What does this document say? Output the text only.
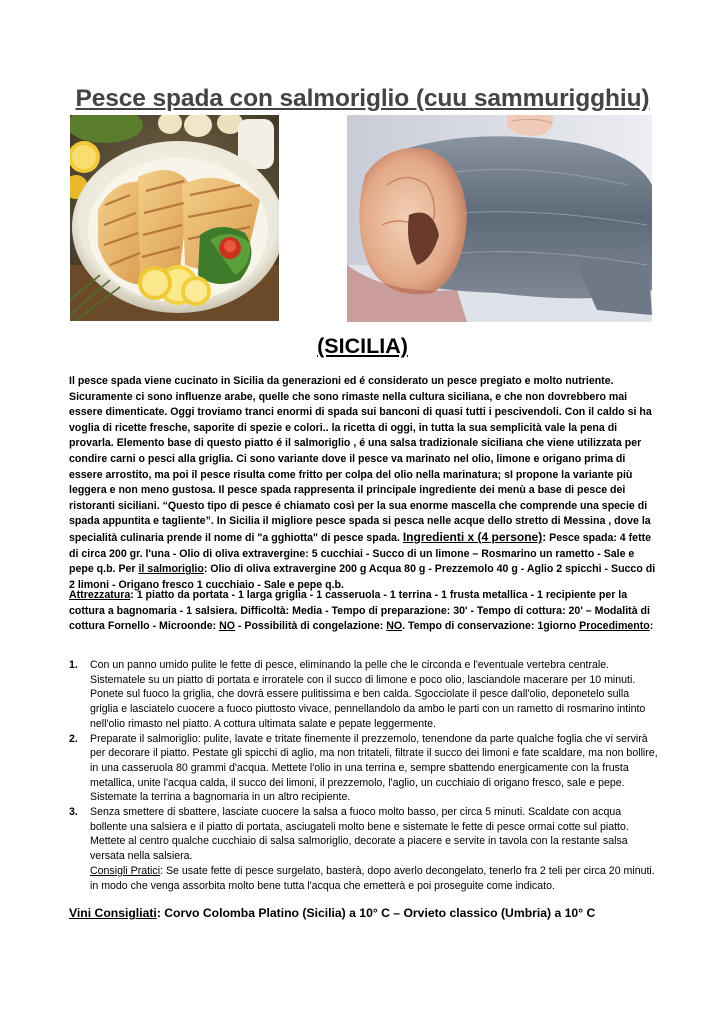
Pesce spada con salmoriglio (cuu sammurigghiu)
(SICILIA)
Il pesce spada viene cucinato in Sicilia da generazioni ed é considerato un pesce pregiato e molto nutriente. Sicuramente ci sono influenze arabe, quelle che sono rimaste nella cultura siciliana, e che non dovrebbero mai essere dimenticate. Oggi troviamo tranci enormi di spada sui banconi di quasi tutti i pescivendoli. Con il caldo si ha voglia di ricette fresche, saporite di spezie e colori.. la ricetta di oggi, in tutta la sua semplicità vale la pena di provarla. Elemento base di questo piatto é il salmoriglio , é una salsa tradizionale siciliana che viene utilizzata per condire carni o pesci alla griglia. Ci sono variante dove il pesce va marinato nel olio, limone e origano prima di essere arrostito, ma poi il pesce risulta come fritto per colpa del olio nella marinatura; sI propone la variante più leggera e non meno gustosa. Il pesce spada rappresenta il principale ingrediente dei menù a base di pesce dei ristoranti siciliani. “Questo tipo di pesce é chiamato così per la sua enorme mascella che comprende una specie di spada appuntita e tagliente”. In Sicilia il migliore pesce spada si pesca nelle acque dello stretto di Messina , dove la specialità culinaria prende il nome di "a gghiotta" di pesce spada. Ingredienti x (4 persone): Pesce spada: 4 fette di circa 200 gr. l'una - Olio di oliva extravergine: 5 cucchiai - Succo di un limone – Rosmarino un rametto - Sale e pepe q.b. Per il salmoriglio: Olio di oliva extravergine 200 g Acqua 80 g - Prezzemolo 40 g - Aglio 2 spicchi - Succo di 2 limoni - Origano fresco 1 cucchiaio - Sale e pepe q.b.
Attrezzatura: 1 piatto da portata - 1 larga griglia - 1 casseruola - 1 terrina - 1 frusta metallica - 1 recipiente per la cottura a bagnomaria - 1 salsiera. Difficoltà: Media - Tempo di preparazione: 30' - Tempo di cottura: 20' – Modalità di cottura Fornello - Microonde: NO - Possibilità di congelazione: NO. Tempo di conservazione: 1giorno Procedimento:
1. Con un panno umido pulite le fette di pesce, eliminando la pelle che le circonda e l'eventuale vertebra centrale. Sistematele su un piatto di portata e irroratele con il succo di limone e poco olio, lasciandole macerare per 10 minuti. Ponete sul fuoco la griglia, che dovrà essere pulitissima e ben calda. Sgocciolate il pesce dall'olio, deponetelo sulla griglia e lasciatelo cuocere a fuoco piuttosto vivace, pennellandolo da ambo le parti con un rametto di rosmarino intinto nell'olio rimasto nel piatto. A cottura ultimata salate e pepate leggermente.

2. Preparate il salmoriglio: pulite, lavate e tritate finemente il prezzemolo, tenendone da parte qualche foglia che vi servirà per decorare il piatto. Pestate gli spicchi di aglio, ma non tritateli, filtrate il succo dei limoni e fate scaldare, ma non bollire, in una casseruola 80 grammi d'acqua. Mettete l'olio in una terrina e, sempre sbattendo energicamente con la frusta metallica, unite l'acqua calda, il succo dei limoni, il prezzemolo, l'aglio, un cucchiaio di origano fresco, sale e pepe. Sistemate la terrina a bagnomaria in un altro recipiente.

3. Senza smettere di sbattere, lasciate cuocere la salsa a fuoco molto basso, per circa 5 minuti. Scaldate con acqua bollente una salsiera e il piatto di portata, asciugateli molto bene e sistemate le fette di pesce ormai cotte sul piatto. Mettete al centro qualche cucchiaio di salsa salmoriglio, decorate a piacere e servite in tavola con la restante salsa versata nella salsiera.

Consigli Pratici: Se usate fette di pesce surgelato, basterà, dopo averlo decongelato, tenerlo fra 2 teli per circa 20 minuti. in modo che venga assorbita molto bene tutta l'acqua che emetterà e poi proseguite come indicato.

Vini Consigliati: Corvo Colomba Platino (Sicilia) a 10° C – Orvieto classico (Umbria) a 10° C
